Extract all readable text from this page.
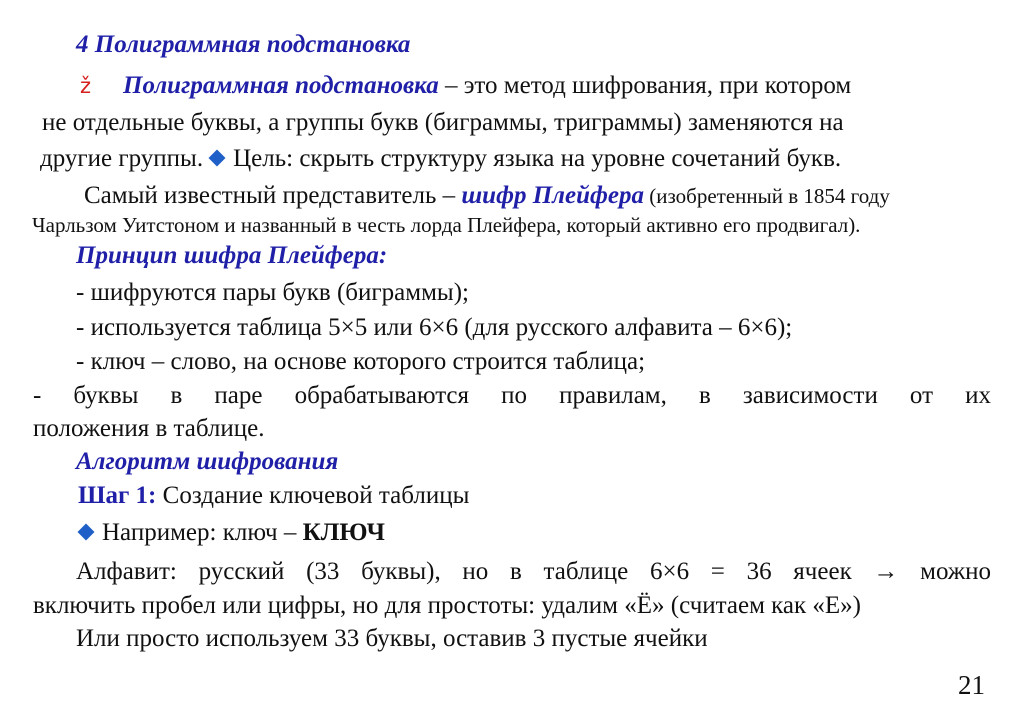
4 Полиграммная подстановка
ž Полиграммная подстановка – это метод шифрования, при котором
не отдельные буквы, а группы букв (биграммы, триграммы) заменяются на
другие группы. Цель: скрыть структуру языка на уровне сочетаний букв.
Самый известный представитель – шифр Плейфера (изобретенный в 1854 году
Чарльзом Уитстоном и названный в честь лорда Плейфера, который активно его продвигал).
Принцип шифра Плейфера:
- шифруются пары букв (биграммы);
- используется таблица 5×5 или 6×6 (для русского алфавита – 6×6);
- ключ – слово, на основе которого строится таблица;
- буквы в паре обрабатываются по правилам, в зависимости от их
положения в таблице.
Алгоритм шифрования
Шаг 1: Создание ключевой таблицы
Например: ключ – КЛЮЧ
Алфавит: русский (33 буквы), но в таблице 6×6 = 36 ячеек → можно
включить пробел или цифры, но для простоты: удалим «Ё» (считаем как «Е»)
Или просто используем 33 буквы, оставив 3 пустые ячейки
21
